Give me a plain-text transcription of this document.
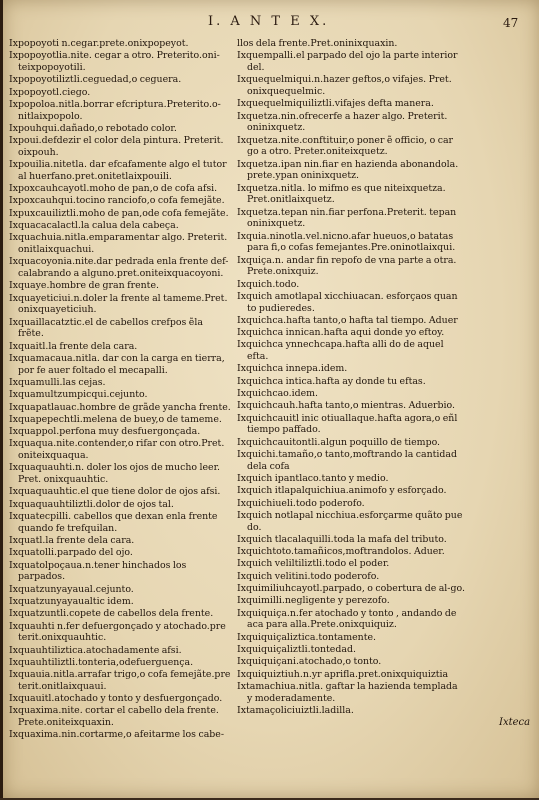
I. A N T E X.	47
Ixpopoyoti n.cegar.prete.onixpopeyot.
Ixpopoyotlia.nite. cegar a otro. Preterito.oni-teixpopoyotili.
Ixpopoyotiliztli.ceguedad,o ceguera.
Ixpopoyotl.ciego.
Ixpopoloa.nitla.borrar efcriptura.Preterito.o-nitlaixpopolo.
Ixpouhqui.dañado,o rebotado color.
Ixpoui.defdezir el color dela pintura. Preterit. oixpouh.
Ixpouilia.nitetla. dar efcafamente algo el tutor al huerfano.pret.onitetlaixpouili.
Ixpoxcauhcayotl.moho de pan,o de cofa afsi.
Ixpoxcauhqui.tocino ranciofo,o cofa femejãte.
Ixpuxcauiliztli.moho de pan,ode cofa femejãte.
Ixquacacalactl.la calua dela cabeça.
Ixquachuia.nitla.emparamentar algo. Preterit. onitlaixquachui.
Ixquacoyonia.nite.dar pedrada enla frente def-calabrando a alguno.pret.oniteixquacoyoni.
Ixquaye.hombre de gran frente.
Ixquayeticiui.n.doler la frente al tameme.Pret. onixquayeticiuh.
Ixquaillacatztic.el de cabellos crefpos ẽla frẽte.
Ixquaitl.la frente dela cara.
Ixquamacaua.nitla. dar con la carga en tierra, por fe auer foltado el mecapalli.
Ixquamulli.las cejas.
Ixquamultzumpicqui.cejunto.
Ixquapatlauac.hombre de grãde yancha frente.
Ixquapepechtli.melena de buey,o de tameme.
Ixquappol.perfona muy desfuergonçada.
Ixquaqua.nite.contender,o rifar con otro.Pret. oniteixquaqua.
Ixquaquauhti.n. doler los ojos de mucho leer. Pret. onixquauhtic.
Ixquaquauhtic.el que tiene dolor de ojos afsi.
Ixquaquauhtiliztli.dolor de ojos tal.
Ixquatecpilli. cabellos que dexan enla frente quando fe trefquilan.
Ixquatl.la frente dela cara.
Ixquatolli.parpado del ojo.
Ixquatolpoçaua.n.tener hinchados los parpados.
Ixquatzunyayaual.cejunto.
Ixquatzunyayaualtic idem.
Ixquatzuntli.copete de cabellos dela frente.
Ixquauhti n.fer defuergonçado y atochado.pre terit.onixquauhtic.
Ixquauhtiliztica.atochadamente afsi.
Ixquauhtiliztli.tonteria,odefuerguença.
Ixquauia.nitla.arrafar trigo,o cofa femejãte.pre terit.onitlaixquaui.
Ixquauitl.atochado y tonto y desfuergonçado.
Ixquaxima.nite. cortar el cabello dela frente. Prete.oniteixquaxin.
Ixquaxima.nin.cortarme,o afeitarme los cabe-
llos dela frente.Pret.oninixquaxin.
Ixquempalli.el parpado del ojo la parte interior del.
Ixquequelmiqui.n.hazer geftos,o vifajes. Pret. onixquequelmic.
Ixquequelmiquiliztli.vifajes defta manera.
Ixquetza.nin.ofrecerfe a hazer algo. Preterit. oninixquetz.
Ixquetza.nite.conftituir,o poner ẽ officio, o car go a otro. Preter.oniteixquetz.
Ixquetza.ipan nin.fiar en hazienda abonandola. prete.ypan oninixquetz.
Ixquetza.nitla. lo mifmo es que niteixquetza. Pret.onitlaixquetz.
Ixquetza.tepan nin.fiar perfona.Preterit. tepan oninixquetz.
Ixquia.ninotla.vel.nicno.afar hueuos,o batatas para fi,o cofas femejantes.Pre.oninotlaixqui.
Ixquiça.n. andar fin repofo de vna parte a otra. Prete.onixquiz.
Ixquich.todo.
Ixquich amotlapal xicchiuacan. esforçaos quan to pudieredes.
Ixquichca.hafta tanto,o hafta tal tiempo. Aduer
Ixquichca innican.hafta aqui donde yo eftoy.
Ixquichca ynnechcapa.hafta alli do de aquel efta.
Ixquichca innepa.idem.
Ixquichca intica.hafta ay donde tu eftas.
Ixquichcao.idem.
Ixquichcauh.hafta tanto,o mientras. Aduerbio.
Ixquichcauitl inic otiuallaque.hafta agora,o eñl tiempo paffado.
Ixquichcauitontli.algun poquillo de tiempo.
Ixquichi.tamaño,o tanto,moftrando la cantidad dela cofa
Ixquich ipantlaco.tanto y medio.
Ixquich itlapalquichiua.animofo y esforçado.
Ixquichiueli.todo poderofo.
Ixquich notlapal nicchiua.esforçarme quãto pue do.
Ixquich tlacalaquilli.toda la mafa del tributo.
Ixquichtoto.tamañicos,moftrandolos. Aduer.
Ixquich veliltiliztli.todo el poder.
Ixquich velitini.todo poderofo.
Ixquimiliuhcayotl.parpado, o cobertura de al-go.
Ixquimilli.negligente y perezofo.
Ixquiquiça.n.fer atochado y tonto , andando de aca para alla.Prete.onixquiquiz.
Ixquiquiçaliztica.tontamente.
Ixquiquiçaliztli.tontedad.
Ixquiquiçani.atochado,o tonto.
Ixquiquiztiuh.n.yr aprifla.pret.onixquiquiztia
Ixtamachiua.nitla. gaftar la hazienda templada y moderadamente.
Ixtamaçoliciuiztli.ladilla.
Ixteca
